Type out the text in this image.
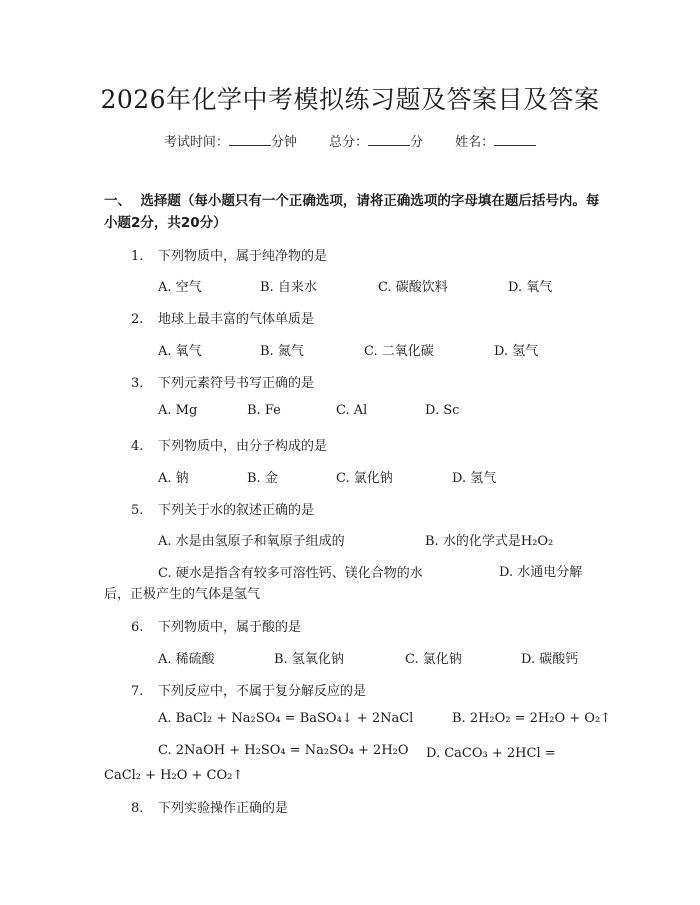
2026年化学中考模拟练习题及答案目及答案
考试时间：	分钟 总分：	分 姓名：
一、 选择题（每小题只有一个正确选项，请将正确选项的字母填在题后括号内。每小题2分，共20分）
1. 下列物质中，属于纯净物的是
A. 空气	B. 自来水	C. 碳酸饮料	D. 氧气
2. 地球上最丰富的气体单质是
A. 氧气	B. 氮气	C. 二氧化碳	D. 氢气
3. 下列元素符号书写正确的是
A. Mg	B. Fe	C. Al	D. Sc
4. 下列物质中，由分子构成的是
A. 钠	B. 金	C. 氯化钠	D. 氢气
5. 下列关于水的叙述正确的是
A. 水是由氢原子和氧原子组成的	B. 水的化学式是H₂O₂
C. 硬水是指含有较多可溶性钙、镁化合物的水	D. 水通电分解后，正极产生的气体是氢气
6. 下列物质中，属于酸的是
A. 稀硫酸	B. 氢氧化钠	C. 氯化钠	D. 碳酸钙
7. 下列反应中，不属于复分解反应的是
A. BaCl₂ + Na₂SO₄ = BaSO₄↓ + 2NaCl	B. 2H₂O₂ = 2H₂O + O₂↑
C. 2NaOH + H₂SO₄ = Na₂SO₄ + 2H₂O	D. CaCO₃ + 2HCl = CaCl₂ + H₂O + CO₂↑
8. 下列实验操作正确的是
